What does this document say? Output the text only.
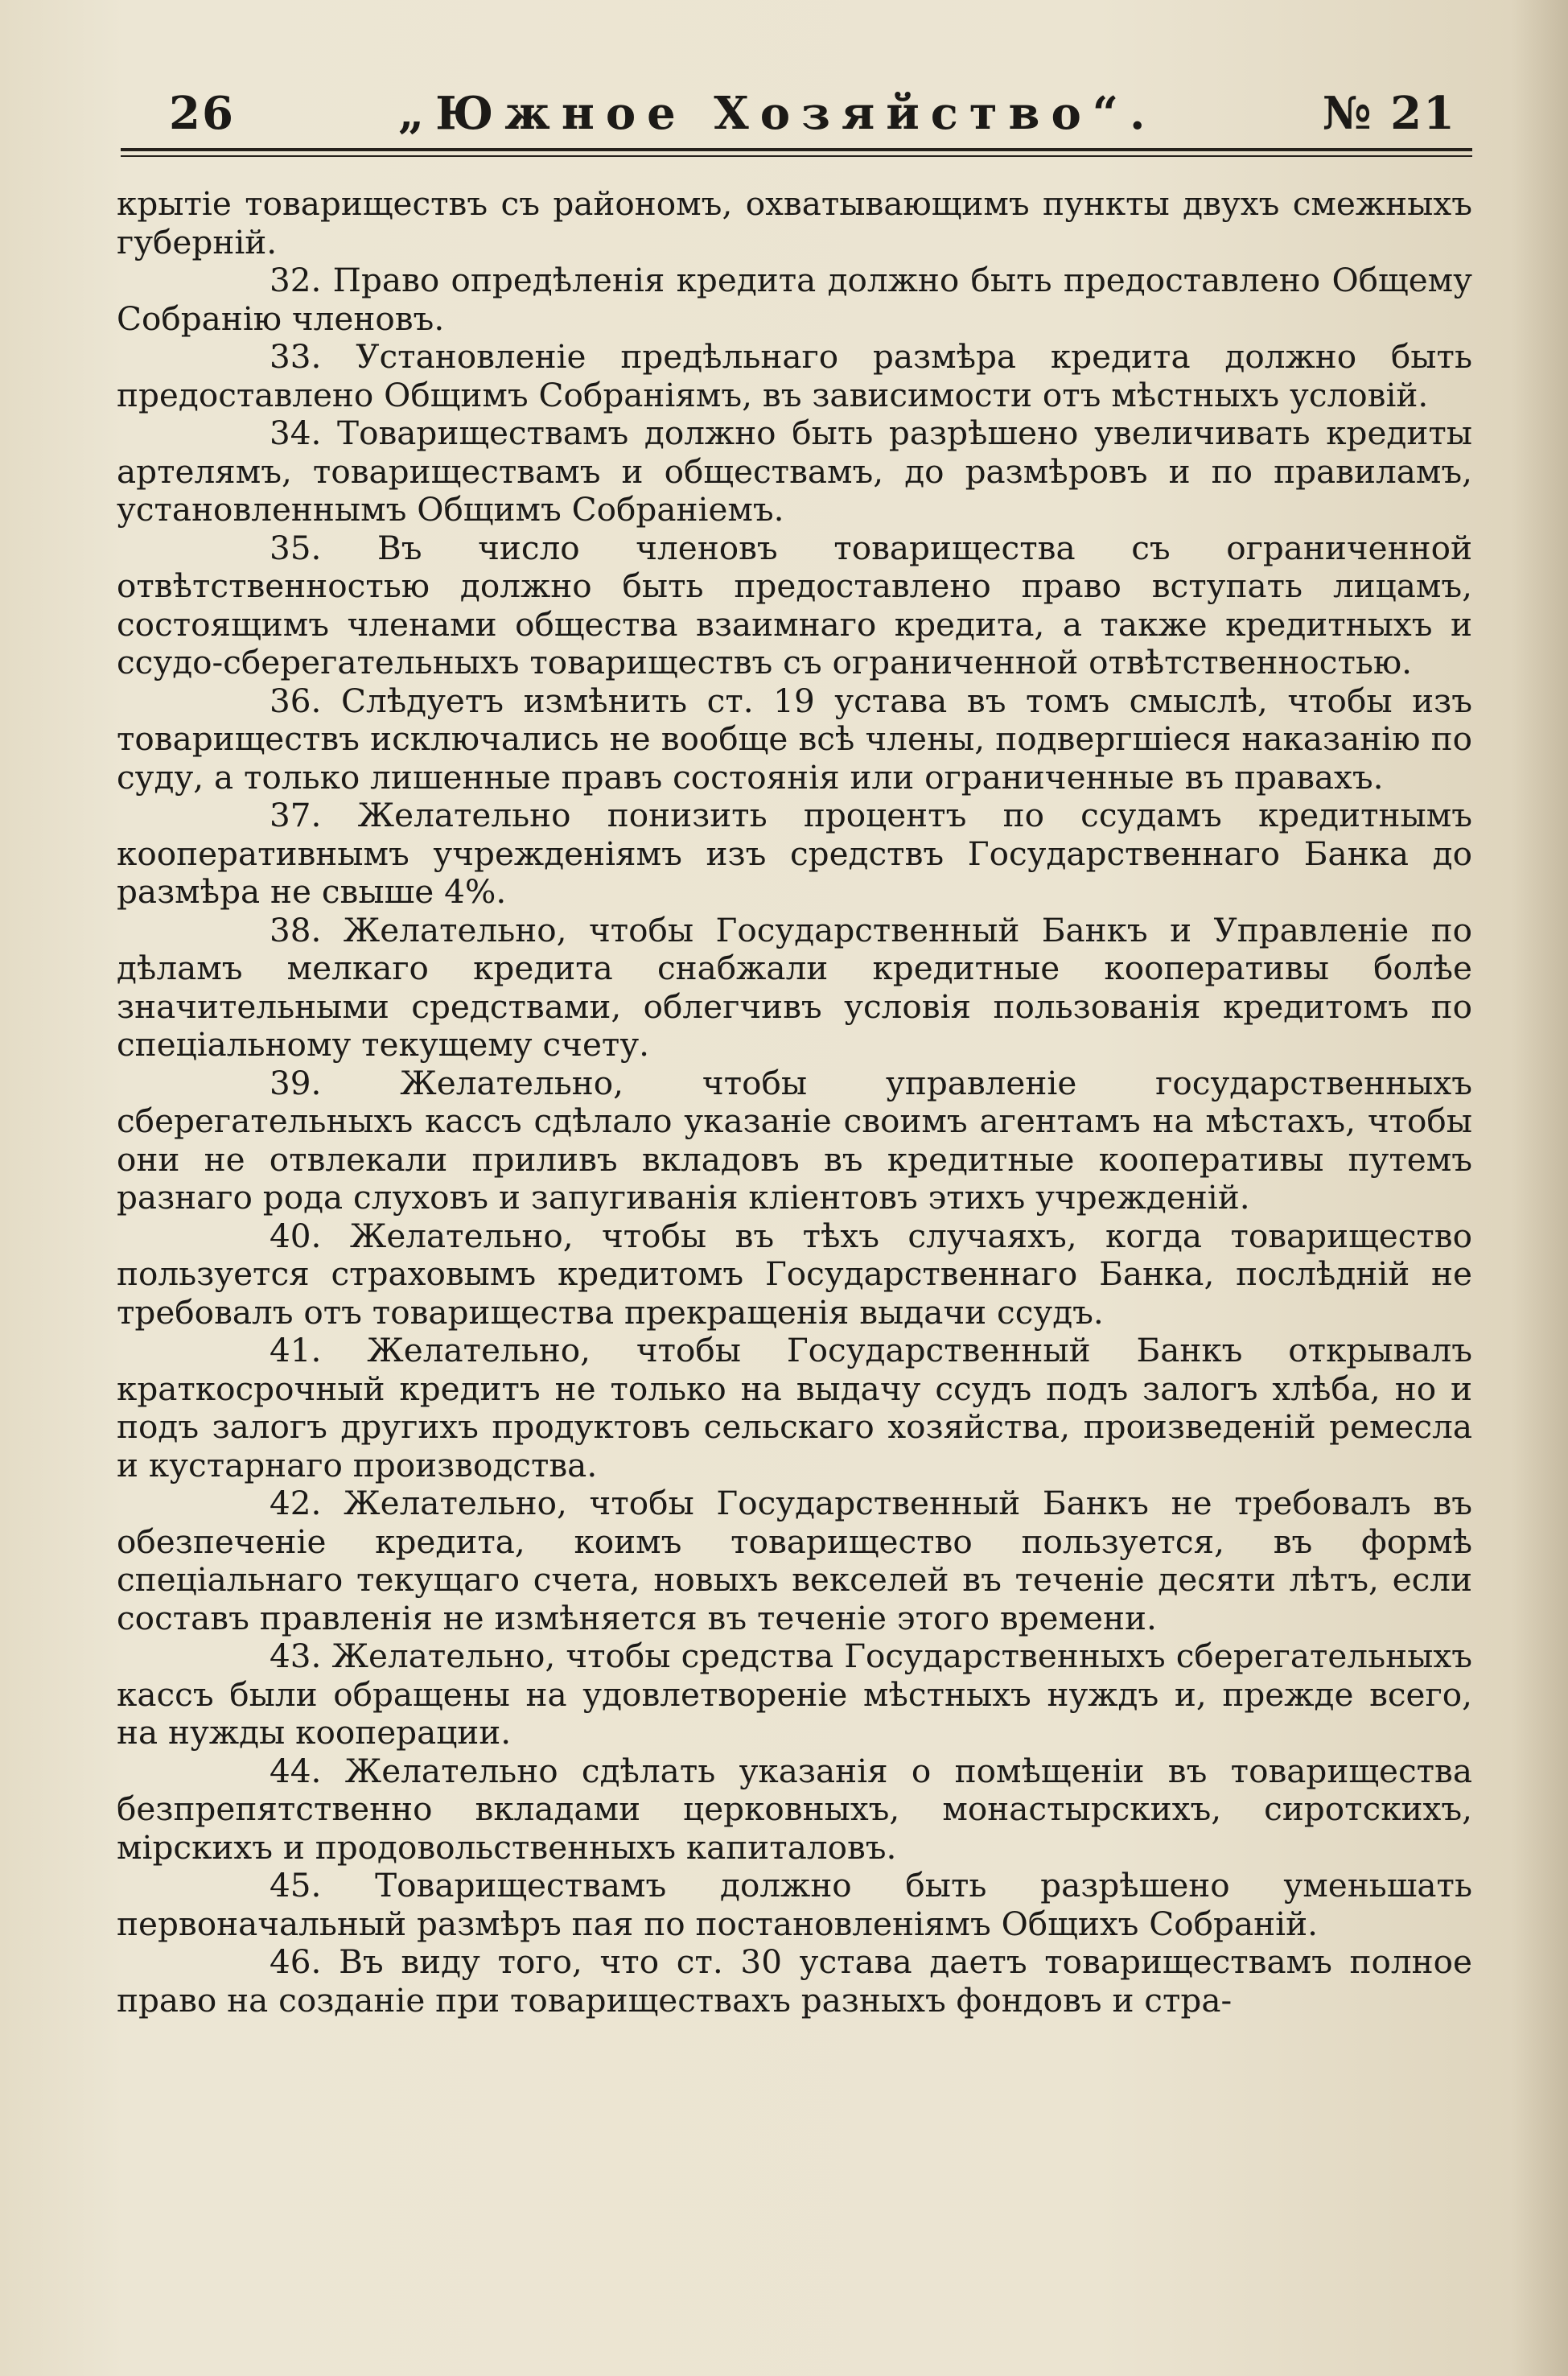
26	„Южное Хозяйство“.	№ 21

крытіе товариществъ съ райономъ, охватывающимъ пункты двухъ смежныхъ губерній.

32. Право опредѣленія кредита должно быть предоставлено Общему Собранію членовъ.

33. Установленіе предѣльнаго размѣра кредита должно быть предоставлено Общимъ Собраніямъ, въ зависимости отъ мѣстныхъ условій.

34. Товариществамъ должно быть разрѣшено увеличивать кредиты артелямъ, товариществамъ и обществамъ, до размѣровъ и по правиламъ, установленнымъ Общимъ Собраніемъ.

35. Въ число членовъ товарищества съ ограниченной отвѣтственностью должно быть предоставлено право вступать лицамъ, состоящимъ членами общества взаимнаго кредита, а также кредитныхъ и ссудо-сберегательныхъ товариществъ съ ограниченной отвѣтственностью.

36. Слѣдуетъ измѣнить ст. 19 устава въ томъ смыслѣ, чтобы изъ товариществъ исключались не вообще всѣ члены, подвергшіеся наказанію по суду, а только лишенные правъ состоянія или ограниченные въ правахъ.

37. Желательно понизить процентъ по ссудамъ кредитнымъ кооперативнымъ учрежденіямъ изъ средствъ Государственнаго Банка до размѣра не свыше 4%.

38. Желательно, чтобы Государственный Банкъ и Управленіе по дѣламъ мелкаго кредита снабжали кредитные кооперативы болѣе значительными средствами, облегчивъ условія пользованія кредитомъ по спеціальному текущему счету.

39. Желательно, чтобы управленіе государственныхъ сберегательныхъ кассъ сдѣлало указаніе своимъ агентамъ на мѣстахъ, чтобы они не отвлекали приливъ вкладовъ въ кредитные кооперативы путемъ разнаго рода слуховъ и запугиванія кліентовъ этихъ учрежденій.

40. Желательно, чтобы въ тѣхъ случаяхъ, когда товарищество пользуется страховымъ кредитомъ Государственнаго Банка, послѣдній не требовалъ отъ товарищества прекращенія выдачи ссудъ.

41. Желательно, чтобы Государственный Банкъ открывалъ краткосрочный кредитъ не только на выдачу ссудъ подъ залогъ хлѣба, но и подъ залогъ другихъ продуктовъ сельскаго хозяйства, произведеній ремесла и кустарнаго производства.

42. Желательно, чтобы Государственный Банкъ не требовалъ въ обезпеченіе кредита, коимъ товарищество пользуется, въ формѣ спеціальнаго текущаго счета, новыхъ векселей въ теченіе десяти лѣтъ, если составъ правленія не измѣняется въ теченіе этого времени.

43. Желательно, чтобы средства Государственныхъ сберегательныхъ кассъ были обращены на удовлетвореніе мѣстныхъ нуждъ и, прежде всего, на нужды кооперации.

44. Желательно сдѣлать указанія о помѣщеніи въ товарищества безпрепятственно вкладами церковныхъ, монастырскихъ, сиротскихъ, мірскихъ и продовольственныхъ капиталовъ.

45. Товариществамъ должно быть разрѣшено уменьшать первоначальный размѣръ пая по постановленіямъ Общихъ Собраній.

46. Въ виду того, что ст. 30 устава даетъ товариществамъ полное право на созданіе при товариществахъ разныхъ фондовъ и стра-
